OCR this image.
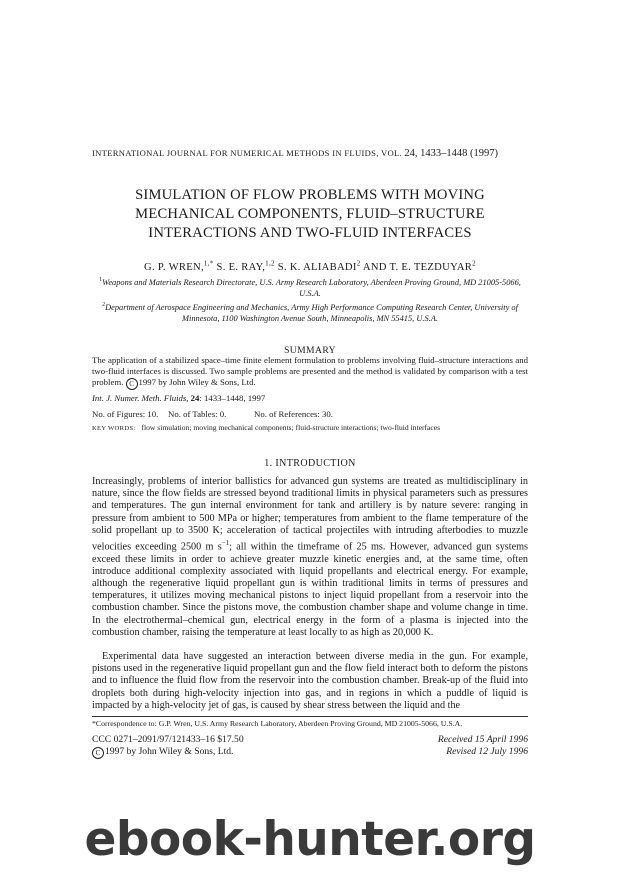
INTERNATIONAL JOURNAL FOR NUMERICAL METHODS IN FLUIDS, VOL. 24, 1433–1448 (1997)
SIMULATION OF FLOW PROBLEMS WITH MOVING
MECHANICAL COMPONENTS, FLUID–STRUCTURE
INTERACTIONS AND TWO-FLUID INTERFACES
G. P. WREN,$^{1,*}$ S. E. RAY,$^{1,2}$ S. K. ALIABADI$^2$ AND T. E. TEZDUYAR$^2$
$^1$Weapons and Materials Research Directorate, U.S. Army Research Laboratory, Aberdeen Proving Ground, MD 21005-5066, U.S.A.
$^2$Department of Aerospace Engineering and Mechanics, Army High Performance Computing Research Center, University of Minnesota, 1100 Washington Avenue South, Minneapolis, MN 55415, U.S.A.
SUMMARY
The application of a stabilized space–time finite element formulation to problems involving fluid–structure interactions and two-fluid interfaces is discussed. Two sample problems are presented and the method is validated by comparison with a test problem. C 1997 by John Wiley & Sons, Ltd.
Int. J. Numer. Meth. Fluids, 24: 1433–1448, 1997
No. of Figures: 10. No. of Tables: 0.	No. of References: 30.
KEY WORDS: flow simulation; moving mechanical components; fluid-structure interactions; two-fluid interfaces
1. INTRODUCTION
Increasingly, problems of interior ballistics for advanced gun systems are treated as multidisciplinary in nature, since the flow fields are stressed beyond traditional limits in physical parameters such as pressures and temperatures. The gun internal environment for tank and artillery is by nature severe: ranging in pressure from ambient to 500 MPa or higher; temperatures from ambient to the flame temperature of the solid propellant up to 3500 K; acceleration of tactical projectiles with intruding afterbodies to muzzle velocities exceeding 2500 m $s^{-1}$; all within the timeframe of 25 ms. However, advanced gun systems exceed these limits in order to achieve greater muzzle kinetic energies and, at the same time, often introduce additional complexity associated with liquid propellants and electrical energy. For example, although the regenerative liquid propellant gun is within traditional limits in terms of pressures and temperatures, it utilizes moving mechanical pistons to inject liquid propellant from a reservoir into the combustion chamber. Since the pistons move, the combustion chamber shape and volume change in time. In the electrothermal–chemical gun, electrical energy in the form of a plasma is injected into the combustion chamber, raising the temperature at least locally to as high as 20,000 K.
Experimental data have suggested an interaction between diverse media in the gun. For example, pistons used in the regenerative liquid propellant gun and the flow field interact both to deform the pistons and to influence the fluid flow from the reservoir into the combustion chamber. Break-up of the fluid into droplets both during high-velocity injection into gas, and in regions in which a puddle of liquid is impacted by a high-velocity jet of gas, is caused by shear stress between the liquid and the
*Correspondence to: G.P. Wren, U.S. Army Research Laboratory, Aberdeen Proving Ground, MD 21005-5066, U.S.A.
CCC 0271–2091/97/121433–16 $17.50
C 1997 by John Wiley & Sons, Ltd.
Received 15 April 1996
Revised 12 July 1996
ebook-hunter.org
